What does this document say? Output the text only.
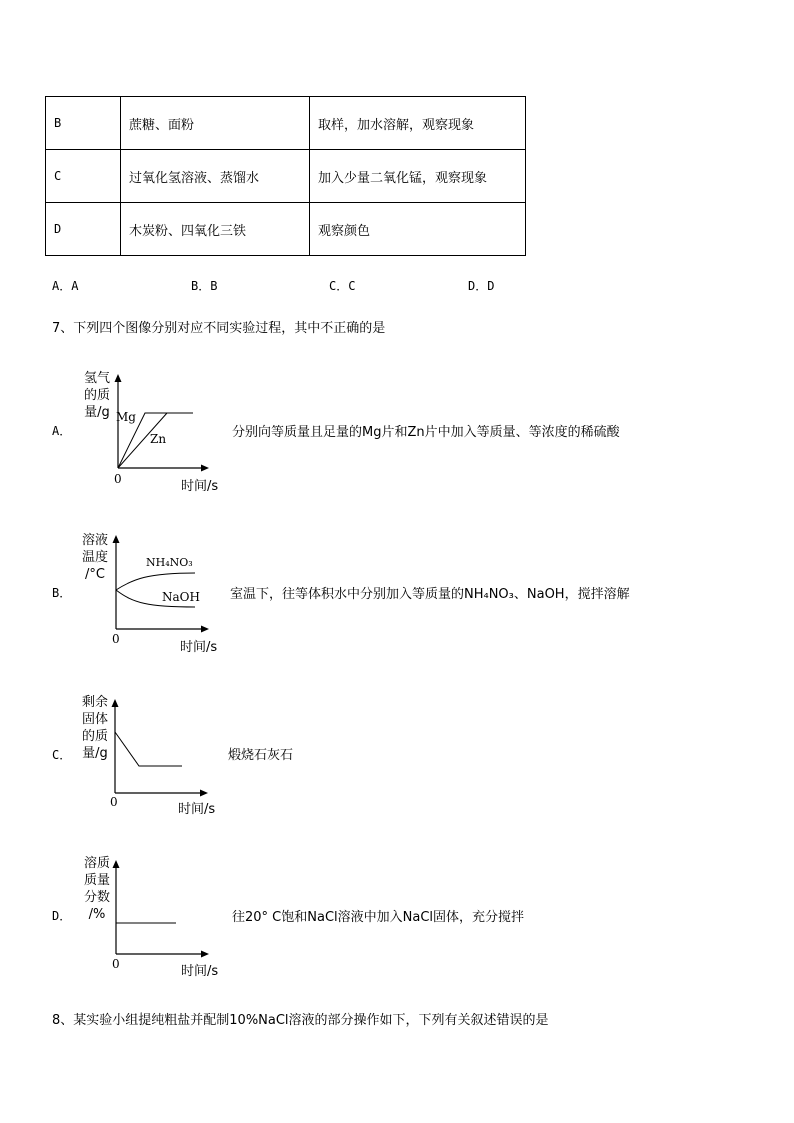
B	蔗糖、面粉	取样，加水溶解，观察现象
C	过氧化氢溶液、蒸馏水	加入少量二氧化锰，观察现象
D	木炭粉、四氧化三铁	观察颜色
A．A	B．B	C．C	D．D
7、下列四个图像分别对应不同实验过程，其中不正确的是
A．
氢气
的质
量/g Mg
Zn
0	时间/s
分别向等质量且足量的Mg片和Zn片中加入等质量、等浓度的稀硫酸
B．
溶液
温度
/°C
NH₄NO₃
NaOH
0
时间/s
室温下，往等体积水中分别加入等质量的NH₄NO₃、NaOH，搅拌溶解
C．
剩余
固体
的质
量/g
0	时间/s
煅烧石灰石
D．
溶质
质量
分数
/%
0	时间/s
往20° C饱和NaCl溶液中加入NaCl固体，充分搅拌
8、某实验小组提纯粗盐并配制10%NaCl溶液的部分操作如下，下列有关叙述错误的是
